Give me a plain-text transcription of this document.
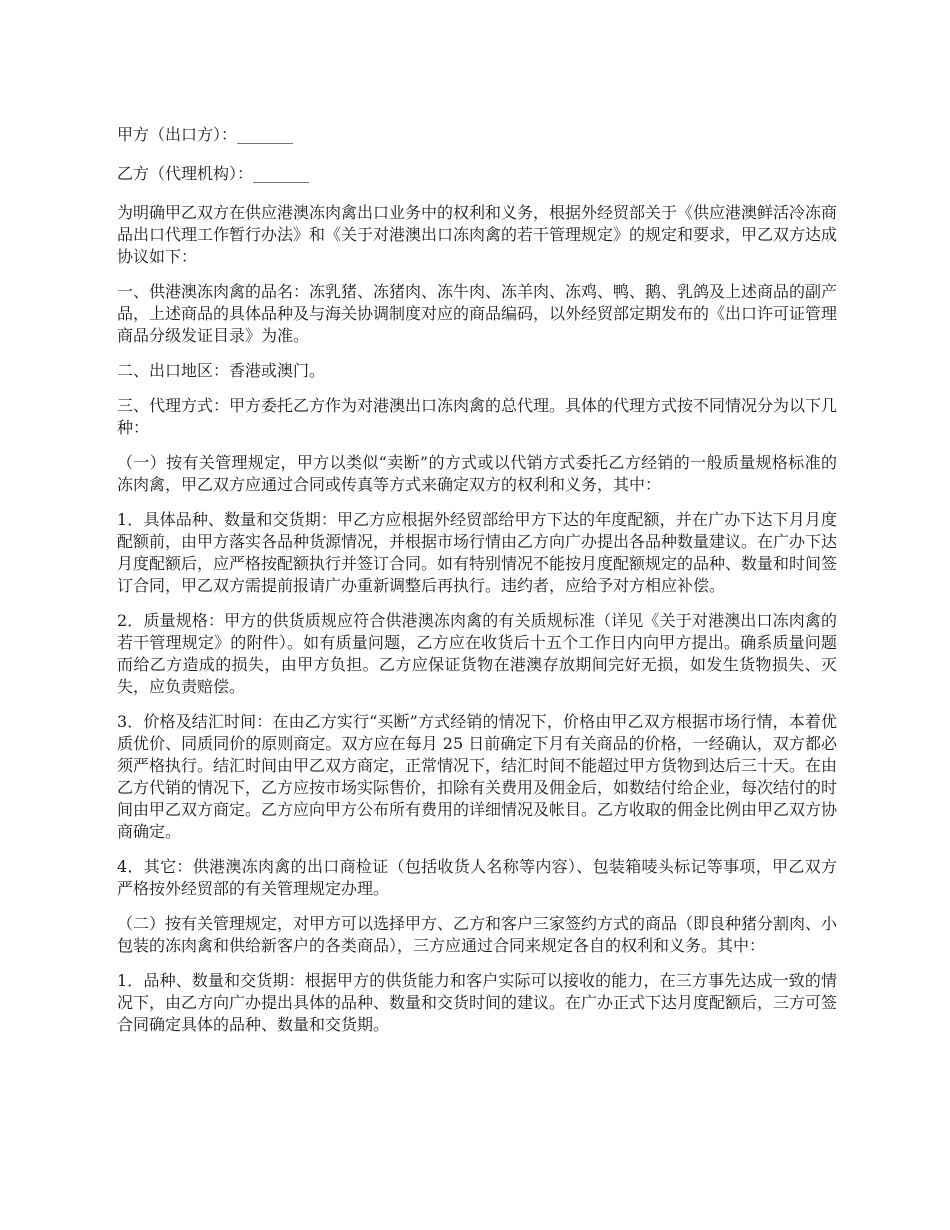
甲方（出口方）：_______

乙方（代理机构）：_______

为明确甲乙双方在供应港澳冻肉禽出口业务中的权利和义务，根据外经贸部关于《供应港澳鲜活冷冻商品出口代理工作暂行办法》和《关于对港澳出口冻肉禽的若干管理规定》的规定和要求，甲乙双方达成协议如下：

一、供港澳冻肉禽的品名：冻乳猪、冻猪肉、冻牛肉、冻羊肉、冻鸡、鸭、鹅、乳鸽及上述商品的副产品，上述商品的具体品种及与海关协调制度对应的商品编码，以外经贸部定期发布的《出口许可证管理商品分级发证目录》为准。

二、出口地区：香港或澳门。

三、代理方式：甲方委托乙方作为对港澳出口冻肉禽的总代理。具体的代理方式按不同情况分为以下几种：

（一）按有关管理规定，甲方以类似“卖断”的方式或以代销方式委托乙方经销的一般质量规格标准的冻肉禽，甲乙双方应通过合同或传真等方式来确定双方的权利和义务，其中：

1．具体品种、数量和交货期：甲乙方应根据外经贸部给甲方下达的年度配额，并在广办下达下月月度配额前，由甲方落实各品种货源情况，并根据市场行情由乙方向广办提出各品种数量建议。在广办下达月度配额后，应严格按配额执行并签订合同。如有特别情况不能按月度配额规定的品种、数量和时间签订合同，甲乙双方需提前报请广办重新调整后再执行。违约者，应给予对方相应补偿。

2．质量规格：甲方的供货质规应符合供港澳冻肉禽的有关质规标准（详见《关于对港澳出口冻肉禽的若干管理规定》的附件）。如有质量问题，乙方应在收货后十五个工作日内向甲方提出。确系质量问题而给乙方造成的损失，由甲方负担。乙方应保证货物在港澳存放期间完好无损，如发生货物损失、灭失，应负责赔偿。

3．价格及结汇时间：在由乙方实行“买断”方式经销的情况下，价格由甲乙双方根据市场行情，本着优质优价、同质同价的原则商定。双方应在每月 25 日前确定下月有关商品的价格，一经确认，双方都必须严格执行。结汇时间由甲乙双方商定，正常情况下，结汇时间不能超过甲方货物到达后三十天。在由乙方代销的情况下，乙方应按市场实际售价，扣除有关费用及佣金后，如数结付给企业，每次结付的时间由甲乙双方商定。乙方应向甲方公布所有费用的详细情况及帐目。乙方收取的佣金比例由甲乙双方协商确定。

4．其它：供港澳冻肉禽的出口商检证（包括收货人名称等内容）、包装箱唛头标记等事项，甲乙双方严格按外经贸部的有关管理规定办理。

（二）按有关管理规定，对甲方可以选择甲方、乙方和客户三家签约方式的商品（即良种猪分割肉、小包装的冻肉禽和供给新客户的各类商品），三方应通过合同来规定各自的权利和义务。其中：

1．品种、数量和交货期：根据甲方的供货能力和客户实际可以接收的能力，在三方事先达成一致的情况下，由乙方向广办提出具体的品种、数量和交货时间的建议。在广办正式下达月度配额后，三方可签合同确定具体的品种、数量和交货期。
